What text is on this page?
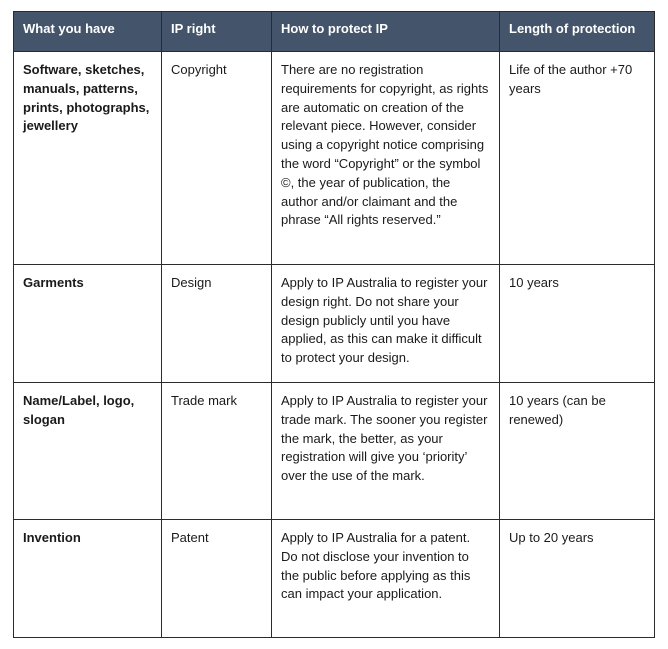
What you have	IP right	How to protect IP	Length of protection
Software, sketches, manuals, patterns, prints, photographs, jewellery	Copyright	There are no registration requirements for copyright, as rights are automatic on creation of the relevant piece. However, consider using a copyright notice comprising the word “Copyright” or the symbol ©, the year of publication, the author and/or claimant and the phrase “All rights reserved.”	Life of the author +70 years
Garments	Design	Apply to IP Australia to register your design right. Do not share your design publicly until you have applied, as this can make it difficult to protect your design.	10 years
Name/Label, logo, slogan	Trade mark	Apply to IP Australia to register your trade mark. The sooner you register the mark, the better, as your registration will give you ‘priority’ over the use of the mark.	10 years (can be renewed)
Invention	Patent	Apply to IP Australia for a patent. Do not disclose your invention to the public before applying as this can impact your application.	Up to 20 years
